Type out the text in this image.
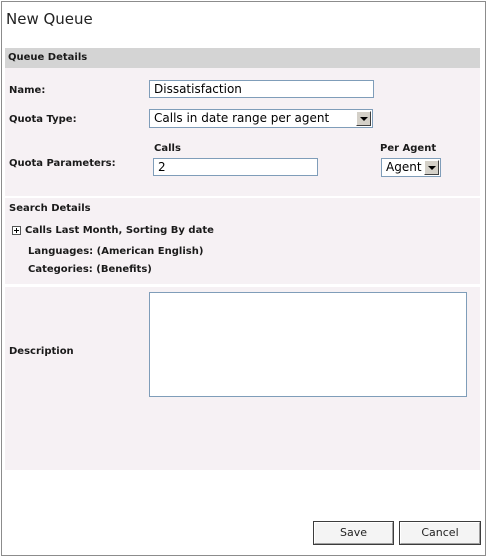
New Queue
Queue Details
Name:	Dissatisfaction
Quota Type:	Calls in date range per agent
Calls	Per Agent
Quota Parameters:	2	Agent
Search Details
Calls Last Month, Sorting By date
Languages: (American English)
Categories: (Benefits)
Description
Save	Cancel
